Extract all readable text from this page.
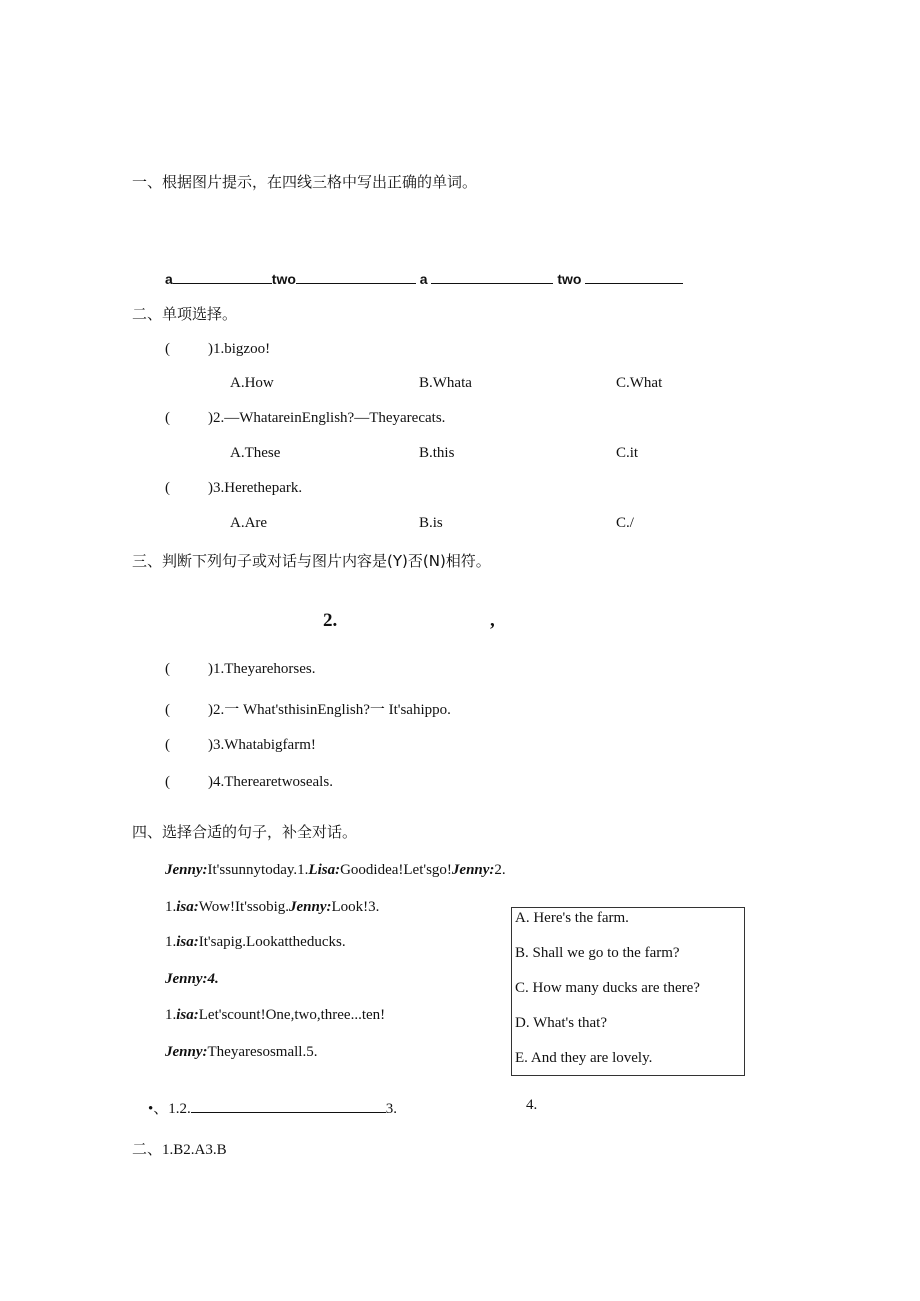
一、根据图片提示，在四线三格中写出正确的单词。
a	two	a	two
二、单项选择。
(	)1.bigzoo!
A.How	B.Whata	C.What
(	)2.—WhatareinEnglish?—Theyarecats.
A.These	B.this	C.it
(	)3.Herethepark.
A.Are	B.is	C./
三、判断下列句子或对话与图片内容是(Y)否(N)相符。
2.	,
(	)1.Theyarehorses.
(	)2.一 What'sthisinEnglish?一 It'sahippo.
(	)3.Whatabigfarm!
(	)4.Therearetwoseals.
四、选择合适的句子，补全对话。
Jenny:It'ssunnytoday.1.Lisa:Goodidea!Let'sgo!Jenny:2.
1.isa:Wow!It'ssobig.Jenny:Look!3.
1.isa:It'sapig.Lookattheducks.
Jenny:4.
1.isa:Let'scount!One,two,three...ten!
Jenny:Theyaresosmall.5.
A. Here's the farm.
B. Shall we go to the farm?
C. How many ducks are there?
D. What's that?
E. And they are lovely.
•、1.2.	3.	4.
二、1.B2.A3.B
